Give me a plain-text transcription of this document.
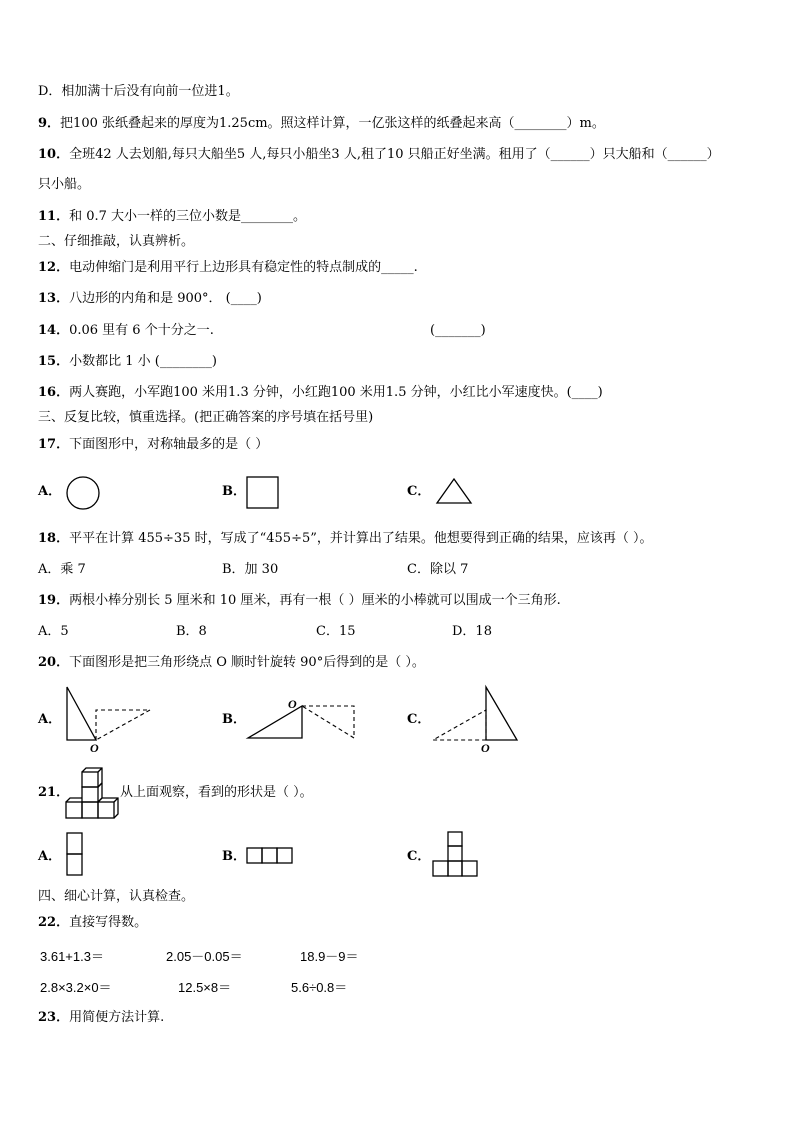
D．相加满十后没有向前一位进1。
9．把100 张纸叠起来的厚度为1.25cm。照这样计算，一亿张这样的纸叠起来高（________）m。
10．全班42 人去划船,每只大船坐5 人,每只小船坐3 人,租了10 只船正好坐满。租用了（______）只大船和（______）
只小船。
11．和 0.7 大小一样的三位小数是________。
二、仔细推敲，认真辨析。
12．电动伸缩门是利用平行上边形具有稳定性的特点制成的_____.
13．八边形的内角和是 900°． (____)
14．0.06 里有 6 个十分之一.	(_______)
15．小数都比 1 小 (________)
16．两人赛跑，小军跑100 米用1.3 分钟，小红跑100 米用1.5 分钟，小红比小军速度快。(____)
三、反复比较，慎重选择。(把正确答案的序号填在括号里)
17．下面图形中，对称轴最多的是（ ）
A．	B．	C．
18．平平在计算 455÷35 时，写成了“455÷5”，并计算出了结果。他想要得到正确的结果，应该再（ ）。
A．乘 7	B．加 30	C．除以 7
19．两根小棒分别长 5 厘米和 10 厘米，再有一根（ ）厘米的小棒就可以围成一个三角形.
A．5	B．8	C．15	D．18
20．下面图形是把三角形绕点 O 顺时针旋转 90°后得到的是（ ）。
A．
O
B．
O
C．
O
21．	从上面观察，看到的形状是（ ）。
A．	B．	C．
四、细心计算，认真检查。
22．直接写得数。
3.61+1.3＝	2.05－0.05＝	18.9－9＝
2.8×3.2×0＝	12.5×8＝	5.6÷0.8＝
23．用简便方法计算.
